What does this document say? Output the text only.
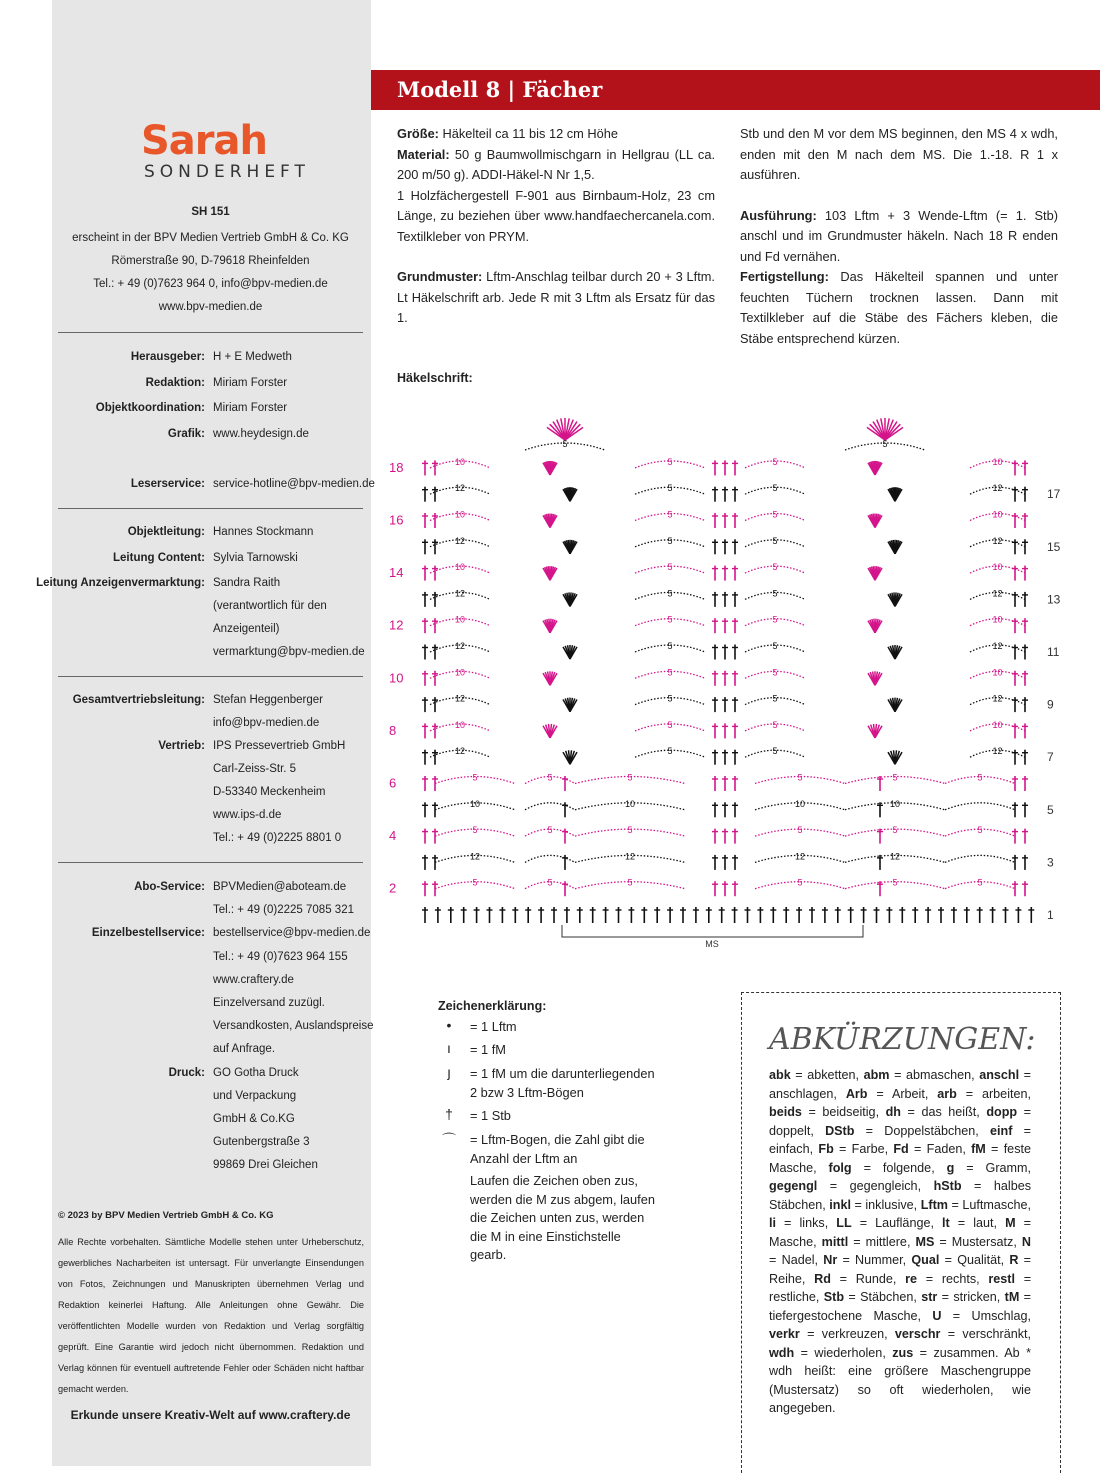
Sarah
SONDERHEFT
SH 151
Leserservice: service-hotline@bpv-medien.de
© 2023 by BPV Medien Vertrieb GmbH & Co. KG
Alle Rechte vorbehalten. Sämtliche Modelle stehen unter Urheberschutz, gewerbliches Nacharbeiten ist untersagt. Für unverlangte Einsendungen von Fotos, Zeichnungen und Manuskripten übernehmen Verlag und Redaktion keinerlei Haftung. Alle Anleitungen ohne Gewähr. Die veröffentlichten Modelle wurden von Redaktion und Verlag sorgfältig geprüft. Eine Garantie wird jedoch nicht übernommen. Redaktion und Verlag können für eventuell auftretende Fehler oder Schäden nicht haftbar gemacht werden.
Erkunde unsere Kreativ-Welt auf www.craftery.de
Modell 8 | Fächer

Größe: Häkelteil ca 11 bis 12 cm Höhe

Material: 50 g Baumwollmischgarn in Hellgrau (LL ca. 200 m/50 g). ADDI-Häkel-N Nr 1,5.

1 Holzfächergestell F-901 aus Birnbaum-Holz, 23 cm Länge, zu beziehen über www.handfaechercanela.com. Textilkleber von PRYM.

Grundmuster: Lftm-Anschlag teilbar durch 20 + 3 Lftm. Lt Häkelschrift arb. Jede R mit 3 Lftm als Ersatz für das 1.

Stb und den M vor dem MS beginnen, den MS 4 x wdh, enden mit den M nach dem MS. Die 1.-18. R 1 x ausführen.

Ausführung: 103 Lftm + 3 Wende-Lftm (= 1. Stb) anschl und im Grundmuster häkeln. Nach 18 R enden und Fd vernähen.

Fertigstellung: Das Häkelteil spannen und unter feuchten Tüchern trocknen lassen. Dann mit Textilkleber auf die Stäbe des Fächers kleben, die Stäbe entsprechend kürzen.

Häkelschrift:
17
15
13
11
9
7
5
3
1
18
16
14
12
10
8
6
4
2	5	5	5	5	5	5
12	12	12	12
5	5	5	5	5	5
10	10	10	10
5	5	5	5	5	5
12	12
5	5
10	10
5	5
12	12
5	5
10	10
5	5
12	12
5	5
10	10
5	5
12	12
5	5
10	10
5	5
12	12
5	5
10	10
5	5
12	12
5	5
10	10
5	5
5	5
MS
Zeichenerklärung:
Laufen die Zeichen oben zus, werden die M zus abgem, laufen die Zeichen unten zus, werden die M in eine Einstichstelle gearb.
ABKÜRZUNGEN:
abk = abketten, abm = abmaschen, anschl = anschlagen, Arb = Arbeit, arb = arbeiten, beids = beidseitig, dh = das heißt, dopp = doppelt, DStb = Doppelstäbchen, einf = einfach, Fb = Farbe, Fd = Faden, fM = feste Masche, folg = folgende, g = Gramm, gegengl = gegengleich, hStb = halbes Stäbchen, inkl = inklusive, Lftm = Luftmasche, li = links, LL = Lauflänge, lt = laut, M = Masche, mittl = mittlere, MS = Mustersatz, N = Nadel, Nr = Nummer, Qual = Qualität, R = Reihe, Rd = Runde, re = rechts, restl = restliche, Stb = Stäbchen, str = stricken, tM = tiefergestochene Masche, U = Umschlag, verkr = verkreuzen, verschr = verschränkt, wdh = wiederholen, zus = zusammen. Ab * wdh heißt: eine größere Maschengruppe (Mustersatz) so oft wiederholen, wie angegeben.
erscheint in der BPV Medien Vertrieb GmbH & Co. KG
Römerstraße 90, D-79618 Rheinfelden
Tel.: + 49 (0)7623 964 0, info@bpv-medien.de
www.bpv-medien.de
Herausgeber: H + E Medweth
Redaktion: Miriam Forster
Objektkoordination: Miriam Forster
Grafik: www.heydesign.de
Objektleitung: Hannes Stockmann
Leitung Content: Sylvia Tarnowski
Leitung Anzeigenvermarktung: Sandra Raith
(verantwortlich für den
Anzeigenteil)
vermarktung@bpv-medien.de
Gesamtvertriebsleitung: Stefan Heggenberger
info@bpv-medien.de
Vertrieb: IPS Pressevertrieb GmbH
Carl-Zeiss-Str. 5
D-53340 Meckenheim
www.ips-d.de
Tel.: + 49 (0)2225 8801 0
Abo-Service: BPVMedien@aboteam.de
Tel.: + 49 (0)2225 7085 321
Einzelbestellservice: bestellservice@bpv-medien.de
Tel.: + 49 (0)7623 964 155
www.craftery.de
Einzelversand zuzügl.
Versandkosten, Auslandspreise
auf Anfrage.
Druck: GO Gotha Druck
und Verpackung
GmbH & Co.KG
Gutenbergstraße 3
99869 Drei Gleichen
•	= 1 Lftm
ı	= 1 fM
ȷ	= 1 fM um die darunterliegenden 2 bzw 3 Lftm-Bögen
†	= 1 Stb
⌒ = Lftm-Bogen, die Zahl gibt die Anzahl der Lftm an
